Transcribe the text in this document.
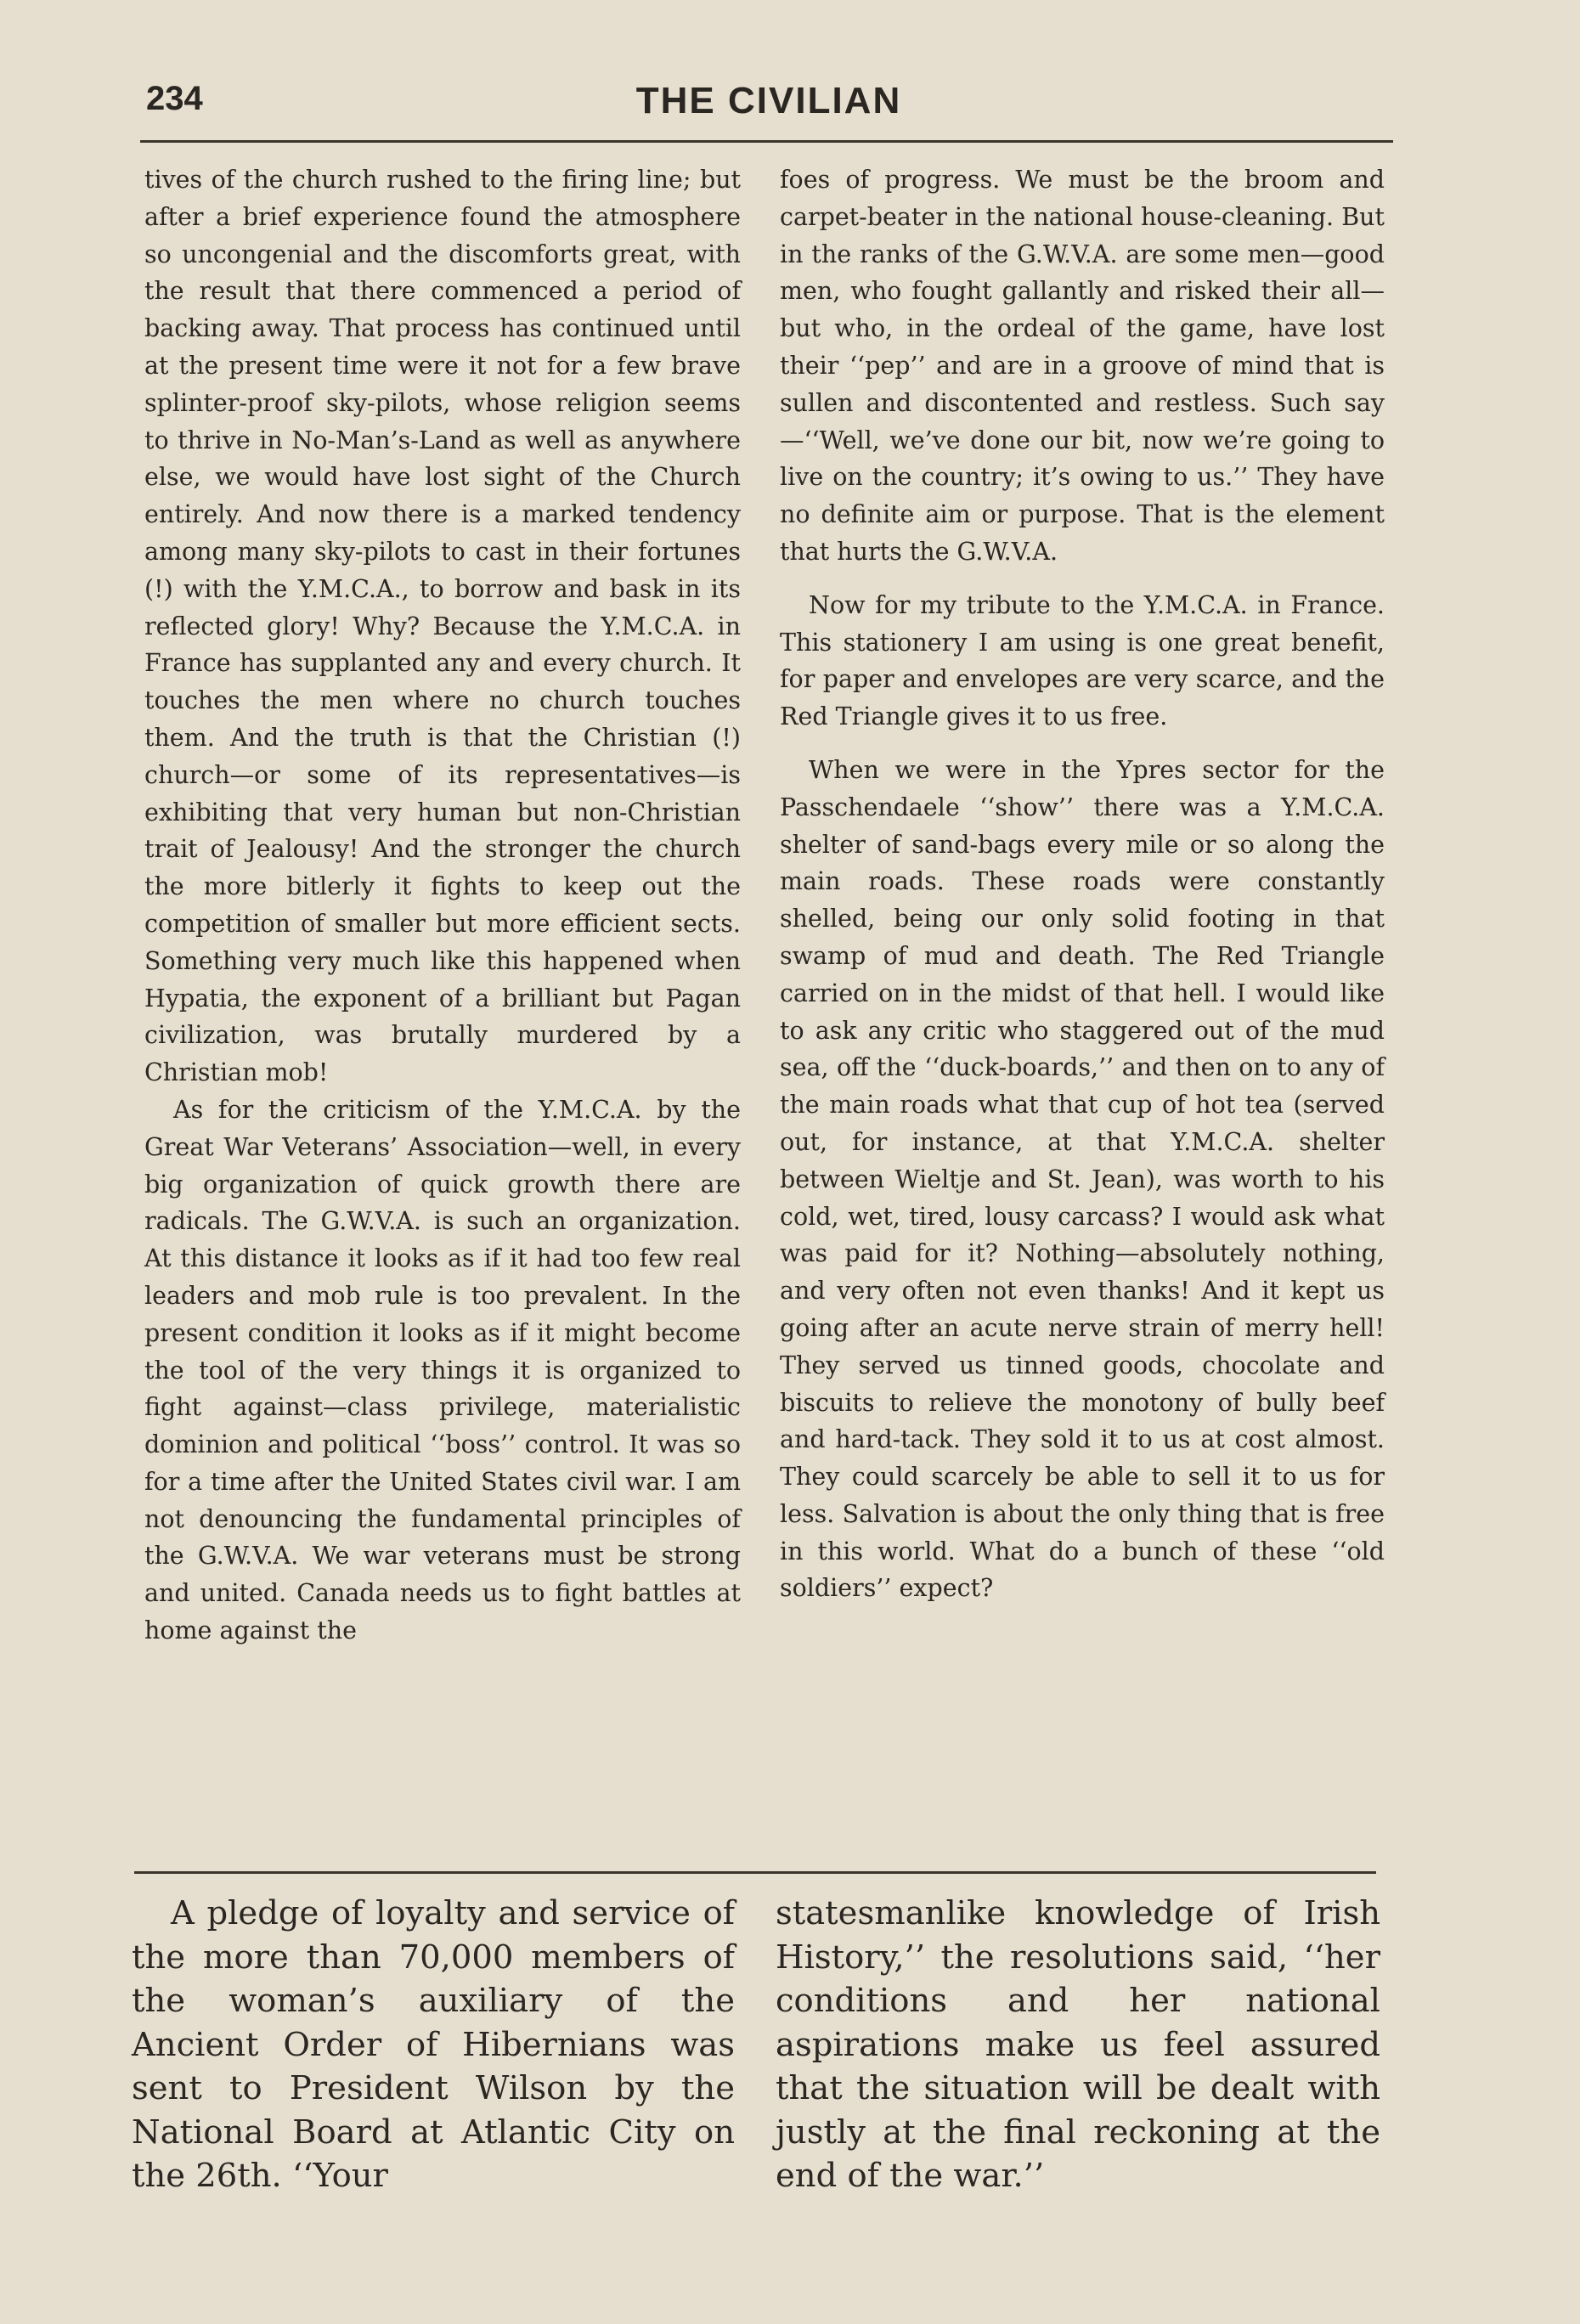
234	THE CIVILIAN

tives of the church rushed to the firing line; but after a brief experience found the atmosphere so uncongenial and the discomforts great, with the result that there commenced a period of backing away. That process has continued until at the present time were it not for a few brave splinter-proof sky-pilots, whose religion seems to thrive in No-Man’s-Land as well as anywhere else, we would have lost sight of the Church entirely. And now there is a marked tendency among many sky-pilots to cast in their fortunes (!) with the Y.M.C.A., to borrow and bask in its reflected glory! Why? Because the Y.M.C.A. in France has supplanted any and every church. It touches the men where no church touches them. And the truth is that the Christian (!) church—or some of its representatives—is exhibiting that very human but non-Christian trait of Jealousy! And the stronger the church the more bitlerly it fights to keep out the competition of smaller but more efficient sects. Something very much like this happened when Hypatia, the exponent of a brilliant but Pagan civilization, was brutally murdered by a Christian mob!

As for the criticism of the Y.M.C.A. by the Great War Veterans’ Association—well, in every big organization of quick growth there are radicals. The G.W.V.A. is such an organization. At this distance it looks as if it had too few real leaders and mob rule is too prevalent. In the present condition it looks as if it might become the tool of the very things it is organized to fight against—class privilege, materialistic dominion and political ‘‘boss’’ control. It was so for a time after the United States civil war. I am not denouncing the fundamental principles of the G.W.V.A. We war veterans must be strong and united. Canada needs us to fight battles at home against the

foes of progress. We must be the broom and carpet-beater in the national house-cleaning. But in the ranks of the G.W.V.A. are some men—good men, who fought gallantly and risked their all—but who, in the ordeal of the game, have lost their ‘‘pep’’ and are in a groove of mind that is sullen and discontented and restless. Such say—‘‘Well, we’ve done our bit, now we’re going to live on the country; it’s owing to us.’’ They have no definite aim or purpose. That is the element that hurts the G.W.V.A.

Now for my tribute to the Y.M.C.A. in France. This stationery I am using is one great benefit, for paper and envelopes are very scarce, and the Red Triangle gives it to us free.

When we were in the Ypres sector for the Passchendaele ‘‘show’’ there was a Y.M.C.A. shelter of sand-bags every mile or so along the main roads. These roads were constantly shelled, being our only solid footing in that swamp of mud and death. The Red Triangle carried on in the midst of that hell. I would like to ask any critic who staggered out of the mud sea, off the ‘‘duck-boards,’’ and then on to any of the main roads what that cup of hot tea (served out, for instance, at that Y.M.C.A. shelter between Wieltje and St. Jean), was worth to his cold, wet, tired, lousy carcass? I would ask what was paid for it? Nothing—absolutely nothing, and very often not even thanks! And it kept us going after an acute nerve strain of merry hell! They served us tinned goods, chocolate and biscuits to relieve the monotony of bully beef and hard-tack. They sold it to us at cost almost. They could scarcely be able to sell it to us for less. Salvation is about the only thing that is free in this world. What do a bunch of these ‘‘old soldiers’’ expect?

A pledge of loyalty and service of the more than 70,000 members of the woman’s auxiliary of the Ancient Order of Hibernians was sent to President Wilson by the National Board at Atlantic City on the 26th. ‘‘Your

statesmanlike knowledge of Irish History,’’ the resolutions said, ‘‘her conditions and her national aspirations make us feel assured that the situation will be dealt with justly at the final reckoning at the end of the war.’’
